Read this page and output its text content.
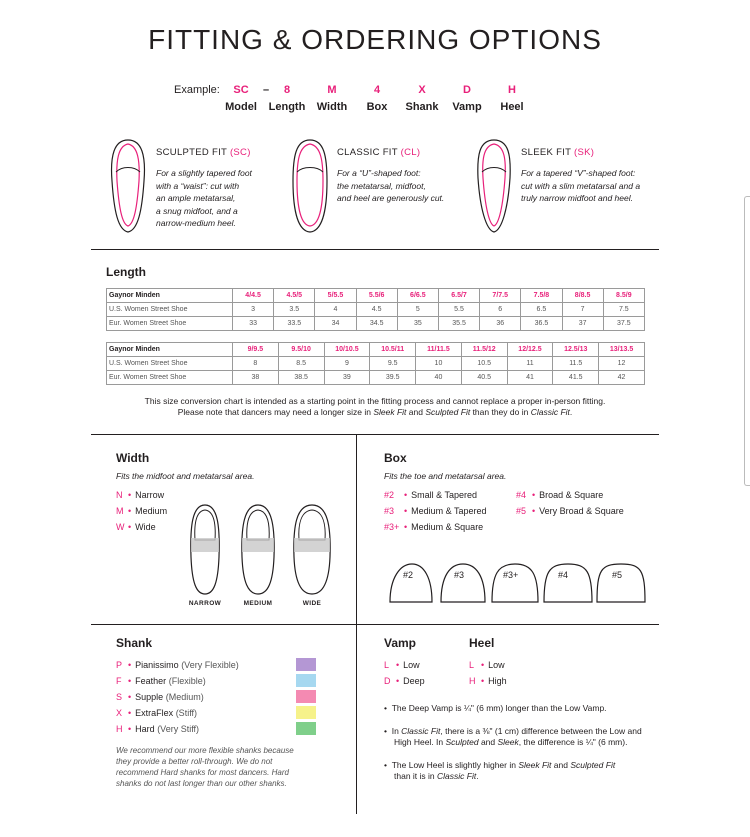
FITTING & ORDERING OPTIONS
Example:	SC	–	8	M	4	X	D	H
Model	Length	Width	Box	Shank	Vamp	Heel
SCULPTED FIT (SC)
For a slightly tapered foot
with a “waist”: cut with
an ample metatarsal,
a snug midfoot, and a
narrow-medium heel.
CLASSIC FIT (CL)
For a “U”-shaped foot:
the metatarsal, midfoot,
and heel are generously cut.
SLEEK FIT (SK)
For a tapered “V”-shaped foot:
cut with a slim metatarsal and a
truly narrow midfoot and heel.
Length
Gaynor Minden	4/4.5	4.5/5	5/5.5	5.5/6	6/6.5	6.5/7	7/7.5	7.5/8	8/8.5	8.5/9
U.S. Women Street Shoe	3	3.5	4	4.5	5	5.5	6	6.5	7	7.5
Eur. Women Street Shoe	33	33.5	34	34.5	35	35.5	36	36.5	37	37.5
Gaynor Minden	9/9.5	9.5/10	10/10.5	10.5/11	11/11.5	11.5/12	12/12.5	12.5/13	13/13.5
U.S. Women Street Shoe	8	8.5	9	9.5	10	10.5	11	11.5	12
Eur. Women Street Shoe	38	38.5	39	39.5	40	40.5	41	41.5	42
This size conversion chart is intended as a starting point in the fitting process and cannot replace a proper in-person fitting.
Please note that dancers may need a longer size in Sleek Fit and Sculpted Fit than they do in Classic Fit.
Width
Fits the midfoot and metatarsal area.
N • Narrow
M • Medium
W • Wide
NARROW	MEDIUM	WIDE
Box
Fits the toe and metatarsal area.
#2 • Small & Tapered
#3 • Medium & Tapered
#3+ • Medium & Square
#4 • Broad & Square
#5 • Very Broad & Square
#2	#3	#3+	#4	#5
Shank
P • Pianissimo (Very Flexible)
F • Feather (Flexible)
S • Supple (Medium)
X • ExtraFlex (Stiff)
H • Hard (Very Stiff)
We recommend our more flexible shanks because
they provide a better roll-through. We do not
recommend Hard shanks for most dancers. Hard
shanks do not last longer than our other shanks.
Vamp	Heel
L • Low
D • Deep
L • Low
H • High
•  The Deep Vamp is ¼" (6 mm) longer than the Low Vamp.
•  In Classic Fit, there is a ⅜" (1 cm) difference between the Low and
High Heel. In Sculpted and Sleek, the difference is ¼" (6 mm).
•  The Low Heel is slightly higher in Sleek Fit and Sculpted Fit
than it is in Classic Fit.
